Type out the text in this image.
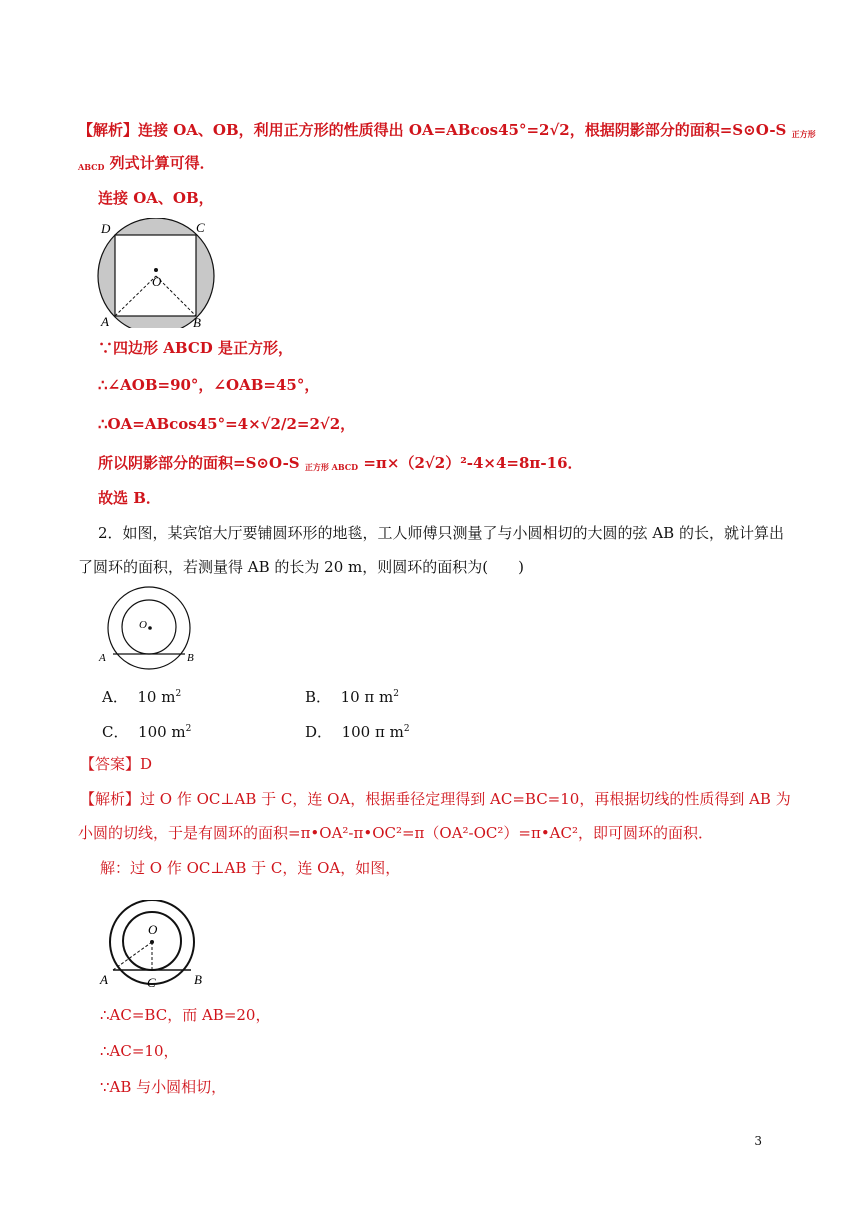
【解析】连接 OA、OB，利用正方形的性质得出 OA=ABcos45°=2√2，根据阴影部分的面积=S⊙O-S $_{正方形}$
$_{ABCD}$ 列式计算可得．
连接 OA、OB，
D	C
O
A	B
∵四边形 ABCD 是正方形，
∴∠AOB=90°，∠OAB=45°，
∴OA=ABcos45°=4×√2/2=2√2，
所以阴影部分的面积=S⊙O-S $_{正方形 ABCD}$ =π×（2√2）²-4×4=8π-16．
故选 B．
2．如图，某宾馆大厅要铺圆环形的地毯，工人师傅只测量了与小圆相切的大圆的弦 AB 的长，就计算出
了圆环的面积，若测量得 AB 的长为 20 m，则圆环的面积为(　　)
O
A	B
A． 10 $m^2$	B． 10 π $m^2$
C． 100 $m^2$	D． 100 π $m^2$
【答案】D
【解析】过 O 作 OC⊥AB 于 C，连 OA，根据垂径定理得到 AC=BC=10，再根据切线的性质得到 AB 为
小圆的切线，于是有圆环的面积=π•OA²-π•OC²=π（OA²-OC²）=π•AC²，即可圆环的面积．
解：过 O 作 OC⊥AB 于 C，连 OA，如图，
O
A	B
C
∴AC=BC，而 AB=20，
∴AC=10，
∵AB 与小圆相切，
3
